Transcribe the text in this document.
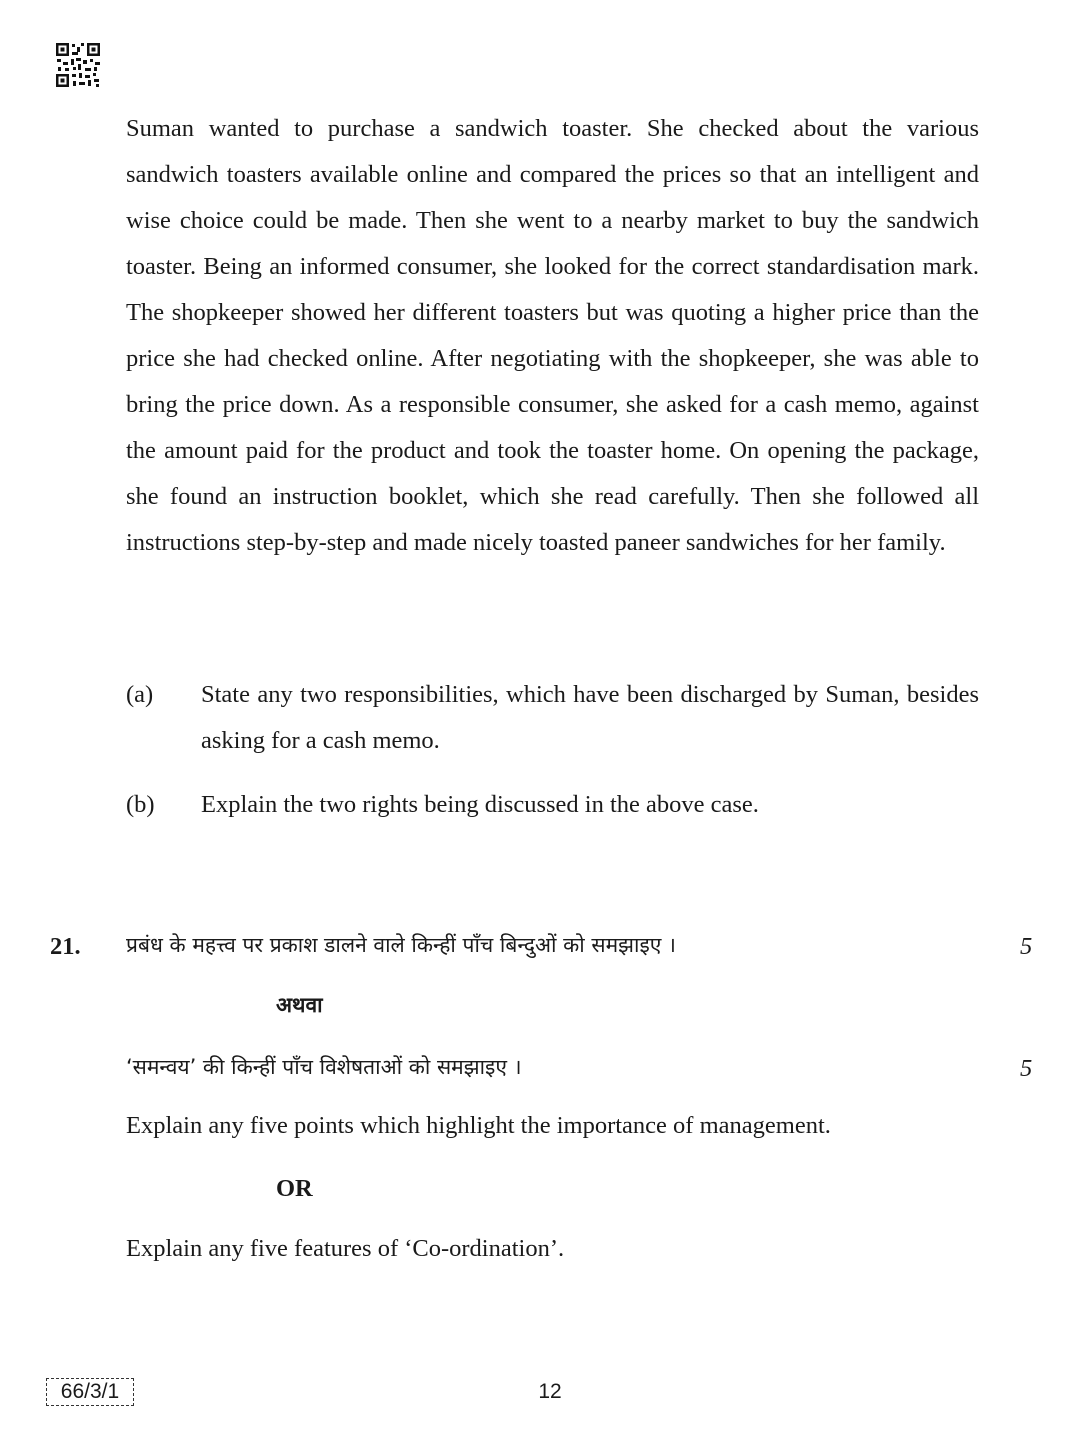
Suman wanted to purchase a sandwich toaster. She checked about the various sandwich toasters available online and compared the prices so that an intelligent and wise choice could be made. Then she went to a nearby market to buy the sandwich toaster. Being an informed consumer, she looked for the correct standardisation mark. The shopkeeper showed her different toasters but was quoting a higher price than the price she had checked online. After negotiating with the shopkeeper, she was able to bring the price down. As a responsible consumer, she asked for a cash memo, against the amount paid for the product and took the toaster home. On opening the package, she found an instruction booklet, which she read carefully. Then she followed all instructions step-by-step and made nicely toasted paneer sandwiches for her family.

(a) State any two responsibilities, which have been discharged by Suman, besides asking for a cash memo.
(b) Explain the two rights being discussed in the above case.
21. प्रबंध के महत्त्व पर प्रकाश डालने वाले किन्हीं पाँच बिन्दुओं को समझाइए ।	5
अथवा
‘समन्वय’ की किन्हीं पाँच विशेषताओं को समझाइए ।	5
Explain any five points which highlight the importance of management.
OR
Explain any five features of ‘Co-ordination’.
66/3/1	12
